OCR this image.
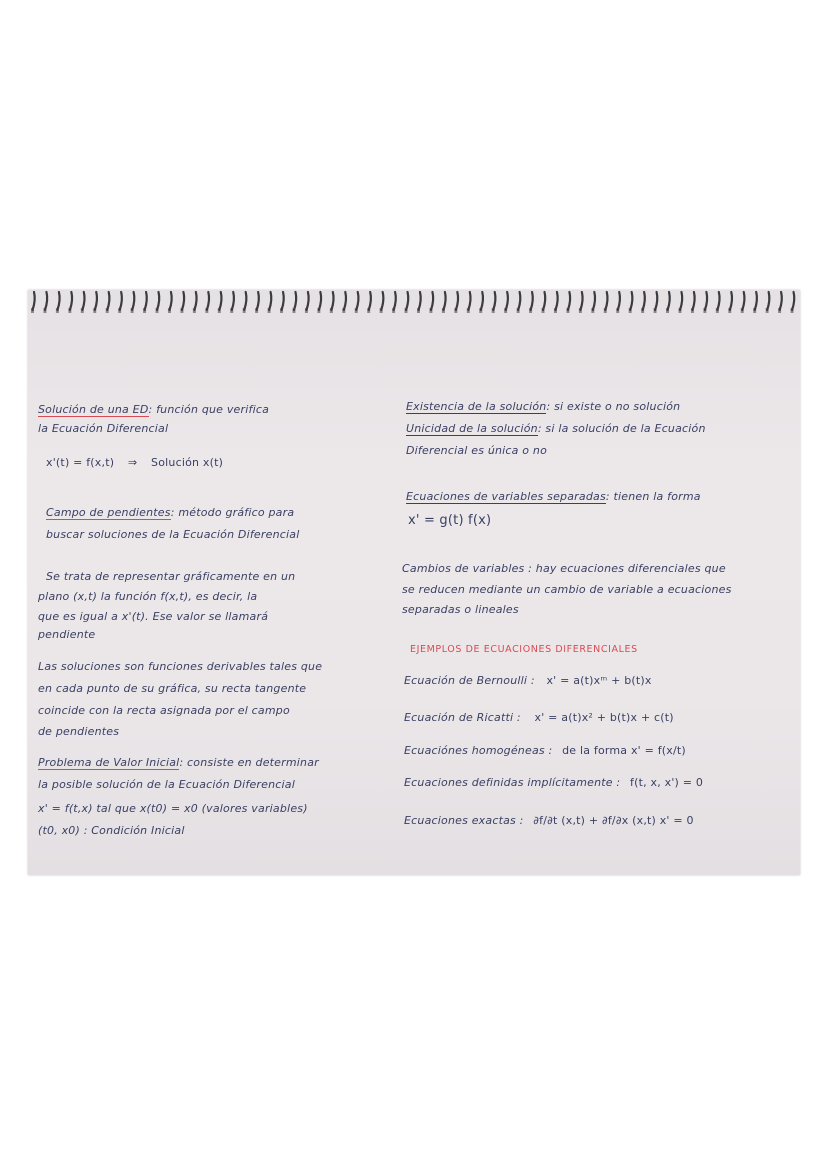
Solución de una ED: función que verifica
la Ecuación Diferencial
x'(t) = f(x,t) ⇒ Solución x(t)
Campo de pendientes: método gráfico para
buscar soluciones de la Ecuación Diferencial
Se trata de representar gráficamente en un
plano (x,t) la función f(x,t), es decir, la
que es igual a x'(t). Ese valor se llamará
pendiente
Las soluciones son funciones derivables tales que
en cada punto de su gráfica, su recta tangente
coincide con la recta asignada por el campo
de pendientes
Problema de Valor Inicial: consiste en determinar
la posible solución de la Ecuación Diferencial
x' = f(t,x) tal que x(t0) = x0 (valores variables)
(t0, x0) : Condición Inicial
Existencia de la solución: si existe o no solución
Unicidad de la solución: si la solución de la Ecuación
Diferencial es única o no
Ecuaciones de variables separadas: tienen la forma
x' = g(t) f(x)
Cambios de variables : hay ecuaciones diferenciales que
se reducen mediante un cambio de variable a ecuaciones
separadas o lineales
EJEMPLOS DE ECUACIONES DIFERENCIALES
Ecuación de Bernoulli : x' = a(t)xᵐ + b(t)x
Ecuación de Ricatti : x' = a(t)x² + b(t)x + c(t)
Ecuaciónes homogéneas : de la forma x' = f(x/t)
Ecuaciones definidas implícitamente : f(t, x, x') = 0
Ecuaciones exactas : ∂f/∂t (x,t) + ∂f/∂x (x,t) x' = 0
